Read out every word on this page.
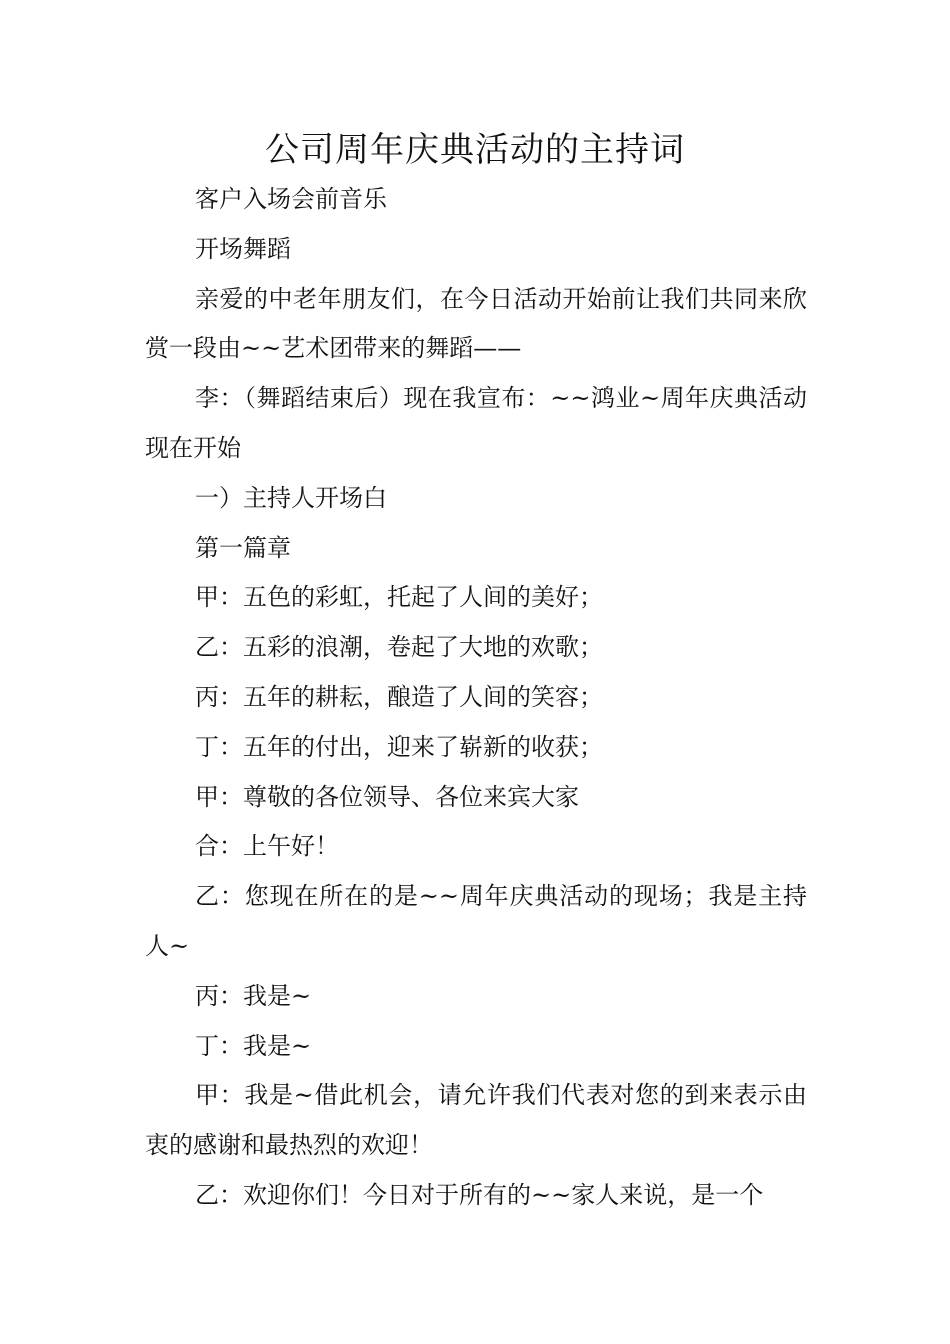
公司周年庆典活动的主持词

客户入场会前音乐

开场舞蹈

亲爱的中老年朋友们，在今日活动开始前让我们共同来欣赏一段由~~艺术团带来的舞蹈——

李：（舞蹈结束后）现在我宣布：~~鸿业~周年庆典活动现在开始

一）主持人开场白

第一篇章

甲：五色的彩虹，托起了人间的美好；

乙：五彩的浪潮，卷起了大地的欢歌；

丙：五年的耕耘，酿造了人间的笑容；

丁：五年的付出，迎来了崭新的收获；

甲：尊敬的各位领导、各位来宾大家

合：上午好！

乙：您现在所在的是~~周年庆典活动的现场；我是主持人~

丙：我是~

丁：我是~

甲：我是~借此机会，请允许我们代表对您的到来表示由衷的感谢和最热烈的欢迎！

乙：欢迎你们！今日对于所有的~~家人来说，是一个
